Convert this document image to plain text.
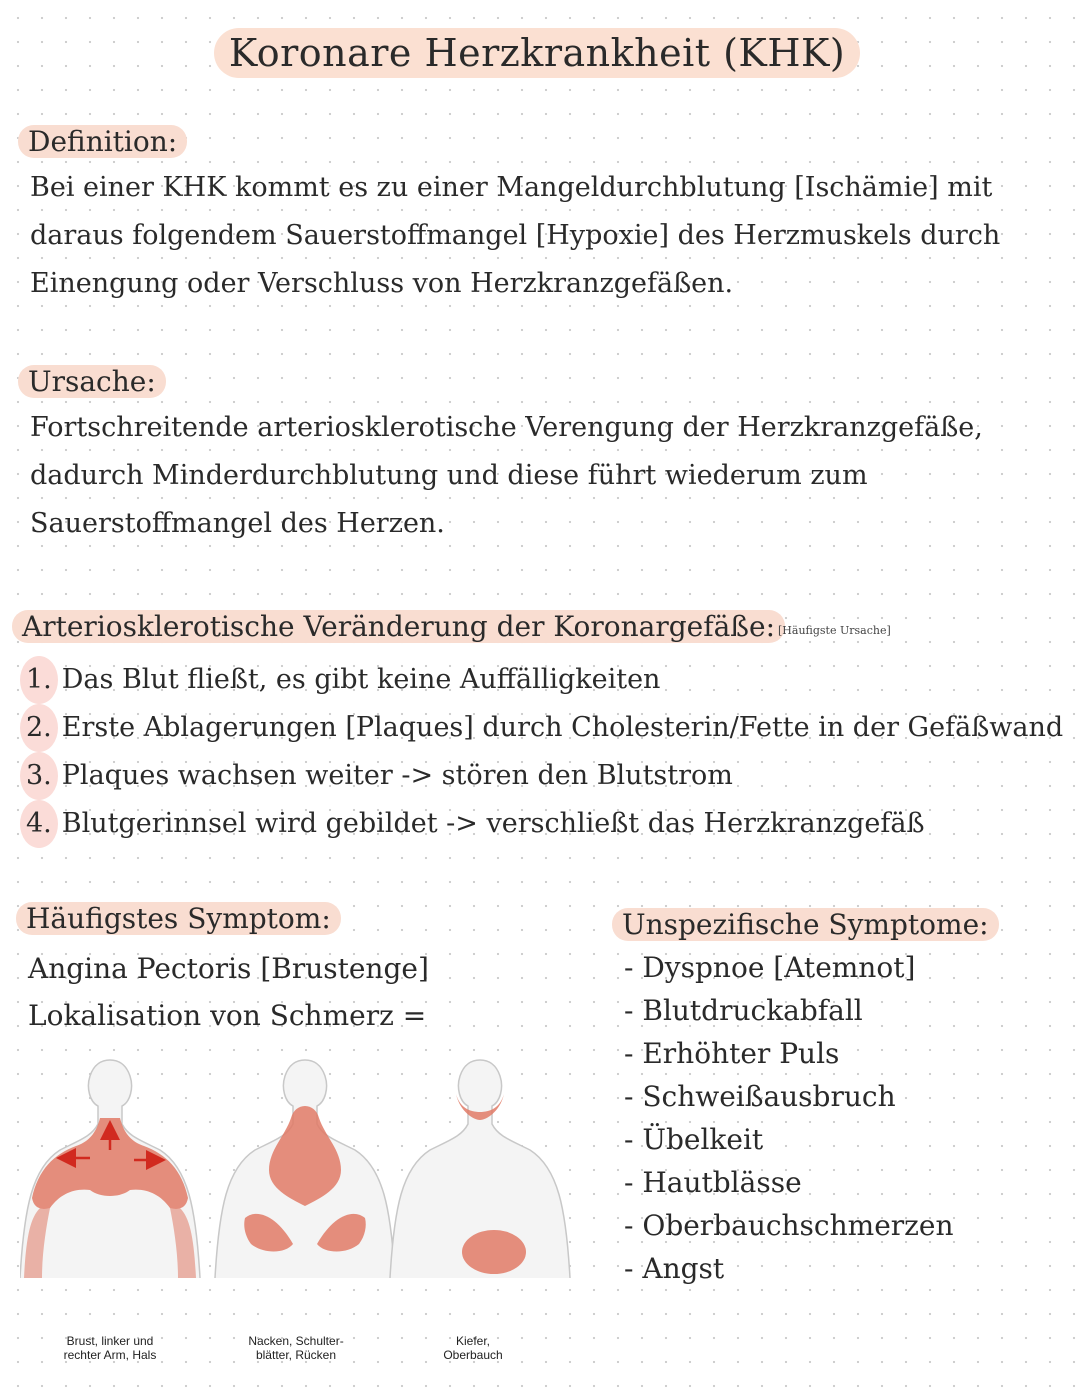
Koronare Herzkrankheit (KHK)
Definition:
Bei einer KHK kommt es zu einer Mangeldurchblutung [Ischämie] mit
daraus folgendem Sauerstoffmangel [Hypoxie] des Herzmuskels durch
Einengung oder Verschluss von Herzkranzgefäßen.
Ursache:
Fortschreitende arteriosklerotische Verengung der Herzkranzgefäße,
dadurch Minderdurchblutung und diese führt wiederum zum
Sauerstoffmangel des Herzen.
Arteriosklerotische Veränderung der Koronargefäße: [Häufigste Ursache]
1. Das Blut fließt, es gibt keine Auffälligkeiten
2. Erste Ablagerungen [Plaques] durch Cholesterin/Fette in der Gefäßwand
3. Plaques wachsen weiter -> stören den Blutstrom
4. Blutgerinnsel wird gebildet -> verschließt das Herzkranzgefäß
Häufigstes Symptom:
Angina Pectoris [Brustenge]
Lokalisation von Schmerz =
Unspezifische Symptome:
- Dyspnoe [Atemnot]
- Blutdruckabfall
- Erhöhter Puls
- Schweißausbruch
- Übelkeit
- Hautblässe
- Oberbauchschmerzen
- Angst
Brust, linker und
rechter Arm, Hals
Nacken, Schulter-
blätter, Rücken
Kiefer,
Oberbauch
